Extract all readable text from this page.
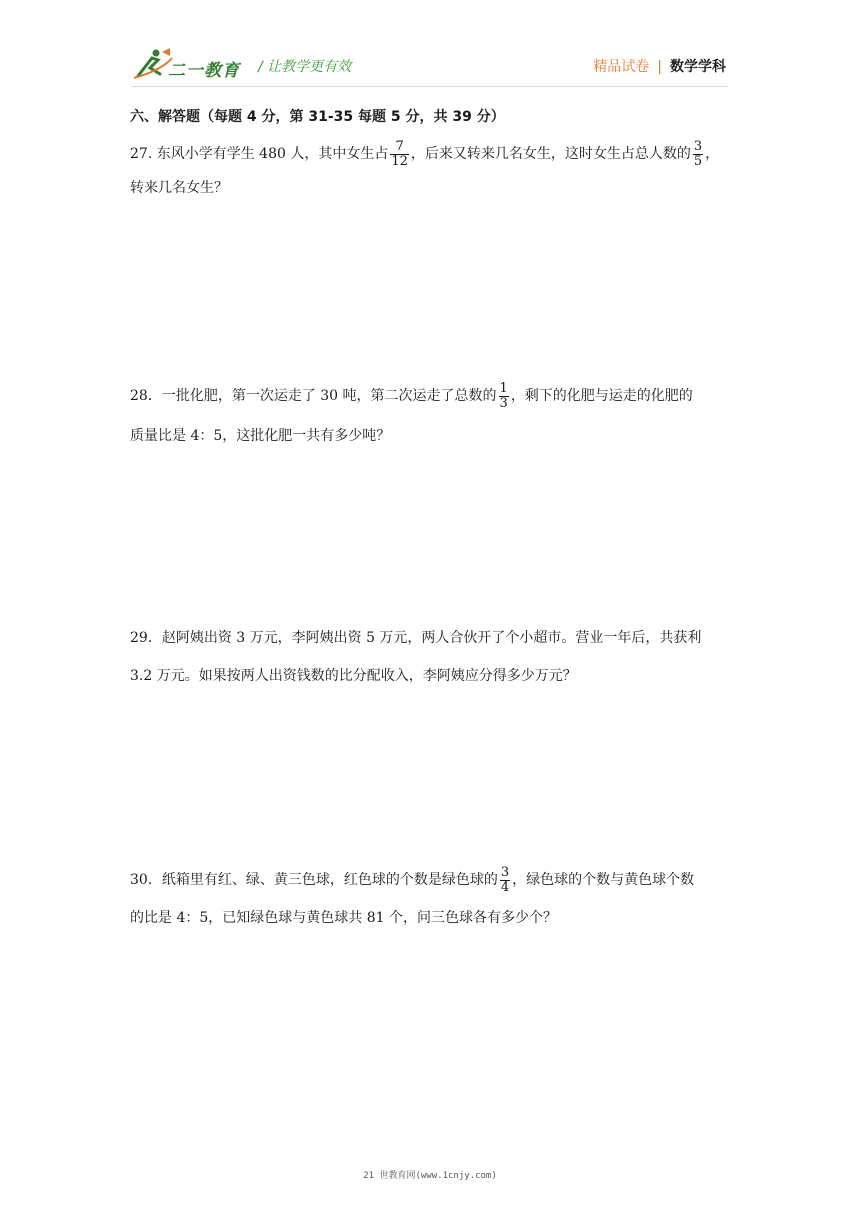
二一教育 / 让教学更有效	精品试卷 | 数学学科
六、解答题（每题 4 分，第 31-35 每题 5 分，共 39 分）
27. 东风小学有学生 480 人，其中女生占 $\frac{7}{12}$ ，后来又转来几名女生，这时女生占总人数的 $\frac{3}{5}$ ，
转来几名女生？
28．一批化肥，第一次运走了 30 吨，第二次运走了总数的 $\frac{1}{3}$ ，剩下的化肥与运走的化肥的
质量比是 4：5，这批化肥一共有多少吨？
29．赵阿姨出资 3 万元，李阿姨出资 5 万元，两人合伙开了个小超市。营业一年后，共获利
3.2 万元。如果按两人出资钱数的比分配收入，李阿姨应分得多少万元？
30．纸箱里有红、绿、黄三色球，红色球的个数是绿色球的 $\frac{3}{4}$ ，绿色球的个数与黄色球个数
的比是 4：5，已知绿色球与黄色球共 81 个，问三色球各有多少个？
21 世教育网(www.1cnjy.com)
